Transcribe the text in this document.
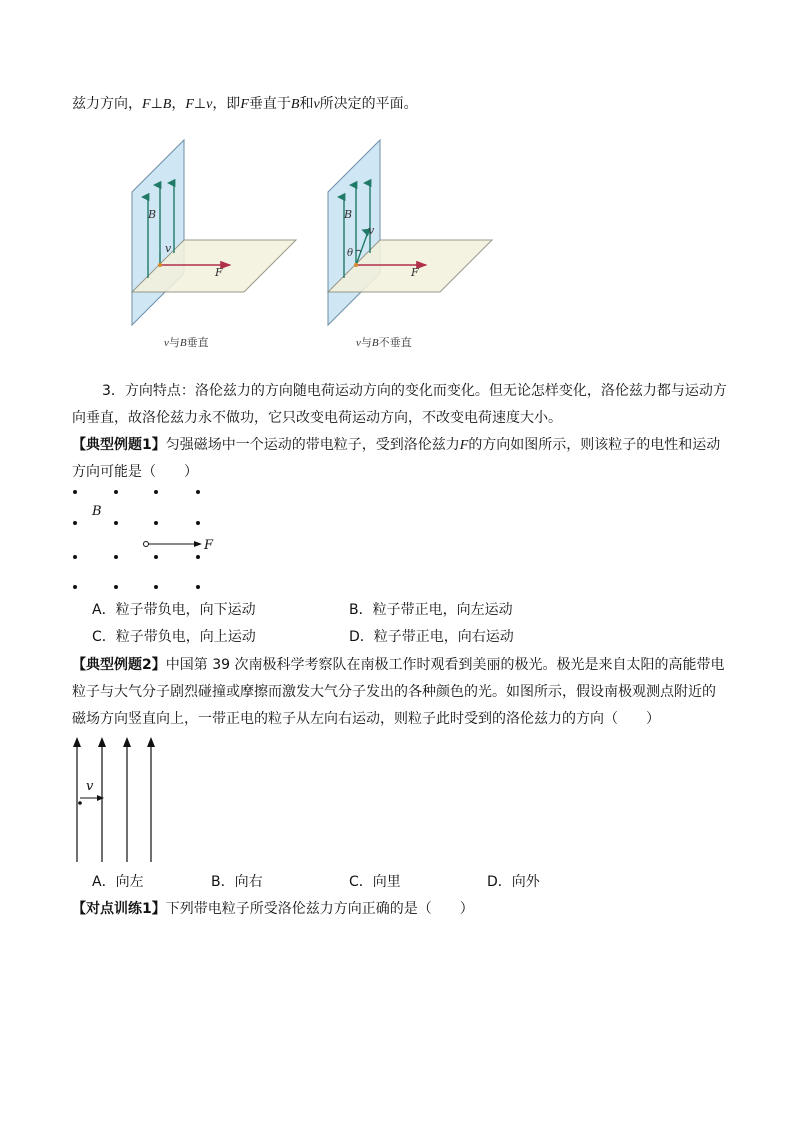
兹力方向，F⊥B，F⊥v，即F垂直于B和v所决定的平面。
B
v
F
B
v
θ
F
v与B垂直	v与B不垂直
3．方向特点：洛伦兹力的方向随电荷运动方向的变化而变化。但无论怎样变化，洛伦兹力都与运动方
向垂直，故洛伦兹力永不做功，它只改变电荷运动方向，不改变电荷速度大小。
【典型例题1】匀强磁场中一个运动的带电粒子，受到洛伦兹力F的方向如图所示，则该粒子的电性和运动
方向可能是（　　）
B
F
A．粒子带负电，向下运动	B．粒子带正电，向左运动
C．粒子带负电，向上运动	D．粒子带正电，向右运动
【典型例题2】中国第 39 次南极科学考察队在南极工作时观看到美丽的极光。极光是来自太阳的高能带电
粒子与大气分子剧烈碰撞或摩擦而激发大气分子发出的各种颜色的光。如图所示，假设南极观测点附近的
磁场方向竖直向上，一带正电的粒子从左向右运动，则粒子此时受到的洛伦兹力的方向（　　）
v
A．向左	B．向右	C．向里	D．向外
【对点训练1】下列带电粒子所受洛伦兹力方向正确的是（　　）
